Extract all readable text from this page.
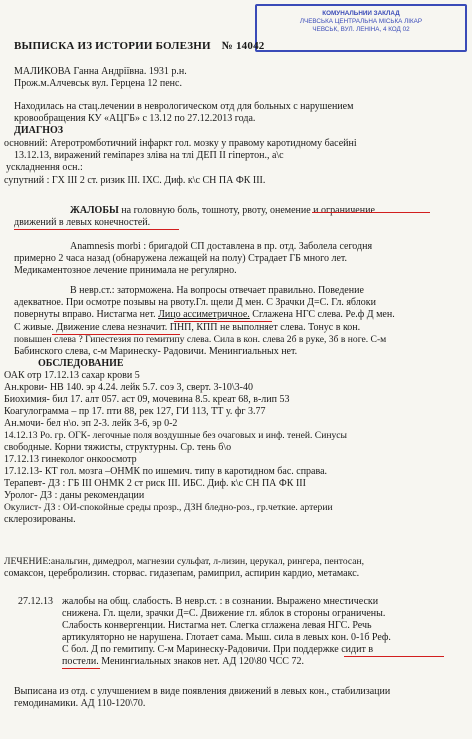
КОМУНАЛЬНИЙ ЗАКЛАД
ЛЧЕВСЬКА ЦЕНТРАЛЬНА МІСЬКА ЛІКАР
ЧЕВСЬК, ВУЛ. ЛЕНІНА, 4 КОД 02
ВЫПИСКА ИЗ ИСТОРИИ БОЛЕЗНИ № 14042
МАЛИКОВА Ганна Андріївна. 1931 р.н.
Прож.м.Алчевськ вул. Герцена 12 пенс.
Находилась на стац.лечении в неврологическом отд для больных с нарушением
кровообращения КУ «АЦГБ» с 13.12 по 27.12.2013 года.
ДИАГНОЗ
основний: Атеротромботичний інфаркт гол. мозку у правому каротидному басейні
13.12.13, виражений геміпарез зліва на тлі ДЕП ІІ гіпертон., а\с
ускладнення осн.:
супутний : ГХ ІІІ 2 ст. ризик ІІІ. ІХС. Диф. к\с СН ПА ФК ІІІ.
ЖАЛОБЫ на головную боль, тошноту, рвоту, онемение и ограничение
движений в левых конечностей.
Anamnesis morbi : бригадой СП доставлена в пр. отд. Заболела сегодня
примерно 2 часа назад (обнаружена лежащей на полу) Страдает ГБ много лет.
Медикаментозное лечение принимала не регулярно.
В невр.ст.: заторможена. На вопросы отвечает правильно. Поведение
адекватное. При осмотре позывы на рвоту.Гл. щели Д мен. С Зрачки Д=С. Гл. яблоки
повернуты вправо. Нистагма нет. Лицо ассиметричное. Сглажена НГС слева. Ре.ф Д мен.
С живые. Движение слева незначит. ПНП, КПП не выполняет слева. Тонус в кон.
повышен слева ? Гипестезия по гемитипу слева. Сила в кон. слева 2б в руке, 3б в ноге. С-м
Бабинского слева, с-м Маринеску- Радовичи. Менингиальных нет.
ОБСЛЕДОВАНИЕ
ОАК отр 17.12.13 сахар крови 5
Ан.крови- НВ 140. эр 4.24. лейк 5.7. соэ 3, сверт. 3-10\3-40
Биохимия- бил 17. алт 057. аст 09, мочевина 8.5. креат 68, в-лип 53
Коагулограмма – пр 17. пти 88, рек 127, ГИ 113, ТТ у. фг 3.77
Ан.мочи- бел н\о. эп 2-3. лейк 3-6, эр 0-2
14.12.13 Ро. гр. ОГК- легочные поля воздушные без очаговых и инф. теней. Синусы
свободные. Корни тяжисты, структурны. Ср. тень б\о
17.12.13 гинеколог онкоосмотр
17.12.13- КТ гол. мозга –ОНМК по ишемич. типу в каротидном бас. справа.
Терапевт- ДЗ : ГБ ІІІ ОНМК 2 ст риск ІІІ. ИБС. Диф. к\с СН ПА ФК ІІІ
Уролог- ДЗ : даны рекомендации
Окулист- ДЗ : ОИ-спокойные среды прозр., ДЗН бледно-роз., гр.четкие. артерии
склерозированы.
ЛЕЧЕНИЕ:анальгин, димедрол, магнезии сульфат, л-лизин, церукал, рингера, пентосан,
сомаксон, церебролизин. сторвас. гидазепам, рамиприл, аспирин кардио, метамакс.
27.12.13 жалобы на общ. слабость. В невр.ст. : в сознании. Выражено мнестически
снижена. Гл. щели, зрачки Д=С. Движение гл. яблок в стороны ограничены.
Слабость конвергенции. Нистагма нет. Слегка сглажена левая НГС. Речь
артикуляторно не нарушена. Глотает сама. Мыш. сила в левых кон. 0-1б Реф.
С бол. Д по гемитипу. С-м Маринеску-Радовичи. При поддержке сидит в
постели. Менингиальных знаков нет. АД 120\80 ЧСС 72.
Выписана из отд. с улучшением в виде появления движений в левых кон., стабилизации
гемодинамики. АД 110-120\70.
